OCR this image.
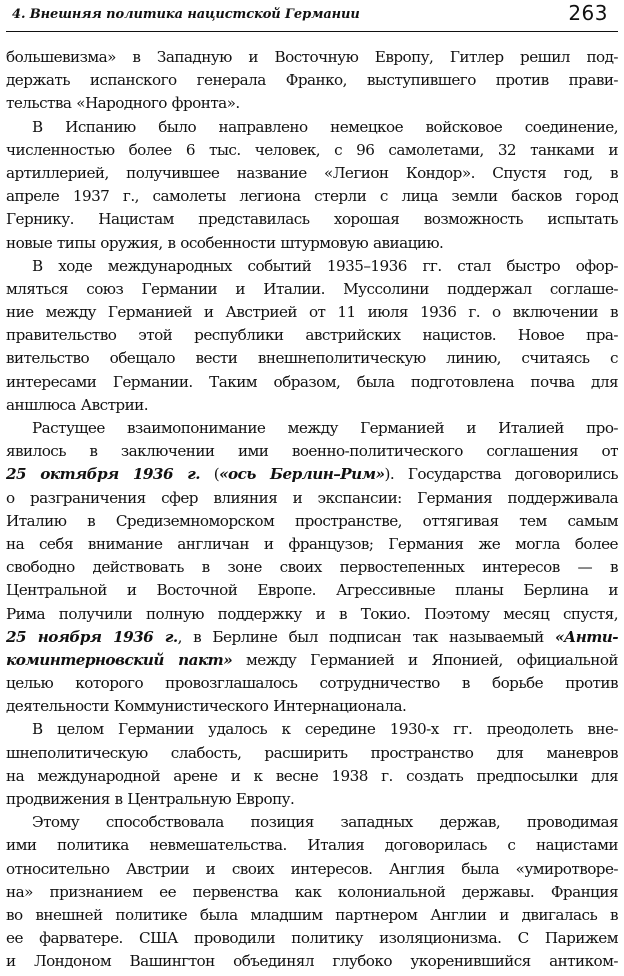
4. Внешняя политика нацистской Германии	263
большевизма» в Западную и Восточную Европу, Гитлер решил под-
держать испанского генерала Франко, выступившего против прави-
тельства «Народного фронта».
В Испанию было направлено немецкое войсковое соединение,
численностью более 6 тыс. человек, с 96 самолетами, 32 танками и
артиллерией, получившее название «Легион Кондор». Спустя год, в
апреле 1937 г., самолеты легиона стерли с лица земли басков город
Гернику. Нацистам представилась хорошая возможность испытать
новые типы оружия, в особенности штурмовую авиацию.
В ходе международных событий 1935–1936 гг. стал быстро офор-
мляться союз Германии и Италии. Муссолини поддержал соглаше-
ние между Германией и Австрией от 11 июля 1936 г. о включении в
правительство этой республики австрийских нацистов. Новое пра-
вительство обещало вести внешнеполитическую линию, считаясь с
интересами Германии. Таким образом, была подготовлена почва для
аншлюса Австрии.
Растущее взаимопонимание между Германией и Италией про-
явилось в заключении ими военно-политического соглашения от
25 октября 1936 г. («ось Берлин–Рим»). Государства договорились
о разграничения сфер влияния и экспансии: Германия поддерживала
Италию в Средиземноморском пространстве, оттягивая тем самым
на себя внимание англичан и французов; Германия же могла более
свободно действовать в зоне своих первостепенных интересов — в
Центральной и Восточной Европе. Агрессивные планы Берлина и
Рима получили полную поддержку и в Токио. Поэтому месяц спустя,
25 ноября 1936 г., в Берлине был подписан так называемый «Анти-
коминтерновский пакт» между Германией и Японией, официальной
целью которого провозглашалось сотрудничество в борьбе против
деятельности Коммунистического Интернационала.
В целом Германии удалось к середине 1930-х гг. преодолеть вне-
шнеполитическую слабость, расширить пространство для маневров
на международной арене и к весне 1938 г. создать предпосылки для
продвижения в Центральную Европу.
Этому способствовала позиция западных держав, проводимая
ими политика невмешательства. Италия договорилась с нацистами
относительно Австрии и своих интересов. Англия была «умиротворе-
на» признанием ее первенства как колониальной державы. Франция
во внешней политике была младшим партнером Англии и двигалась в
ее фарватере. США проводили политику изоляционизма. С Парижем
и Лондоном Вашингтон объединял глубоко укоренившийся антиком-
